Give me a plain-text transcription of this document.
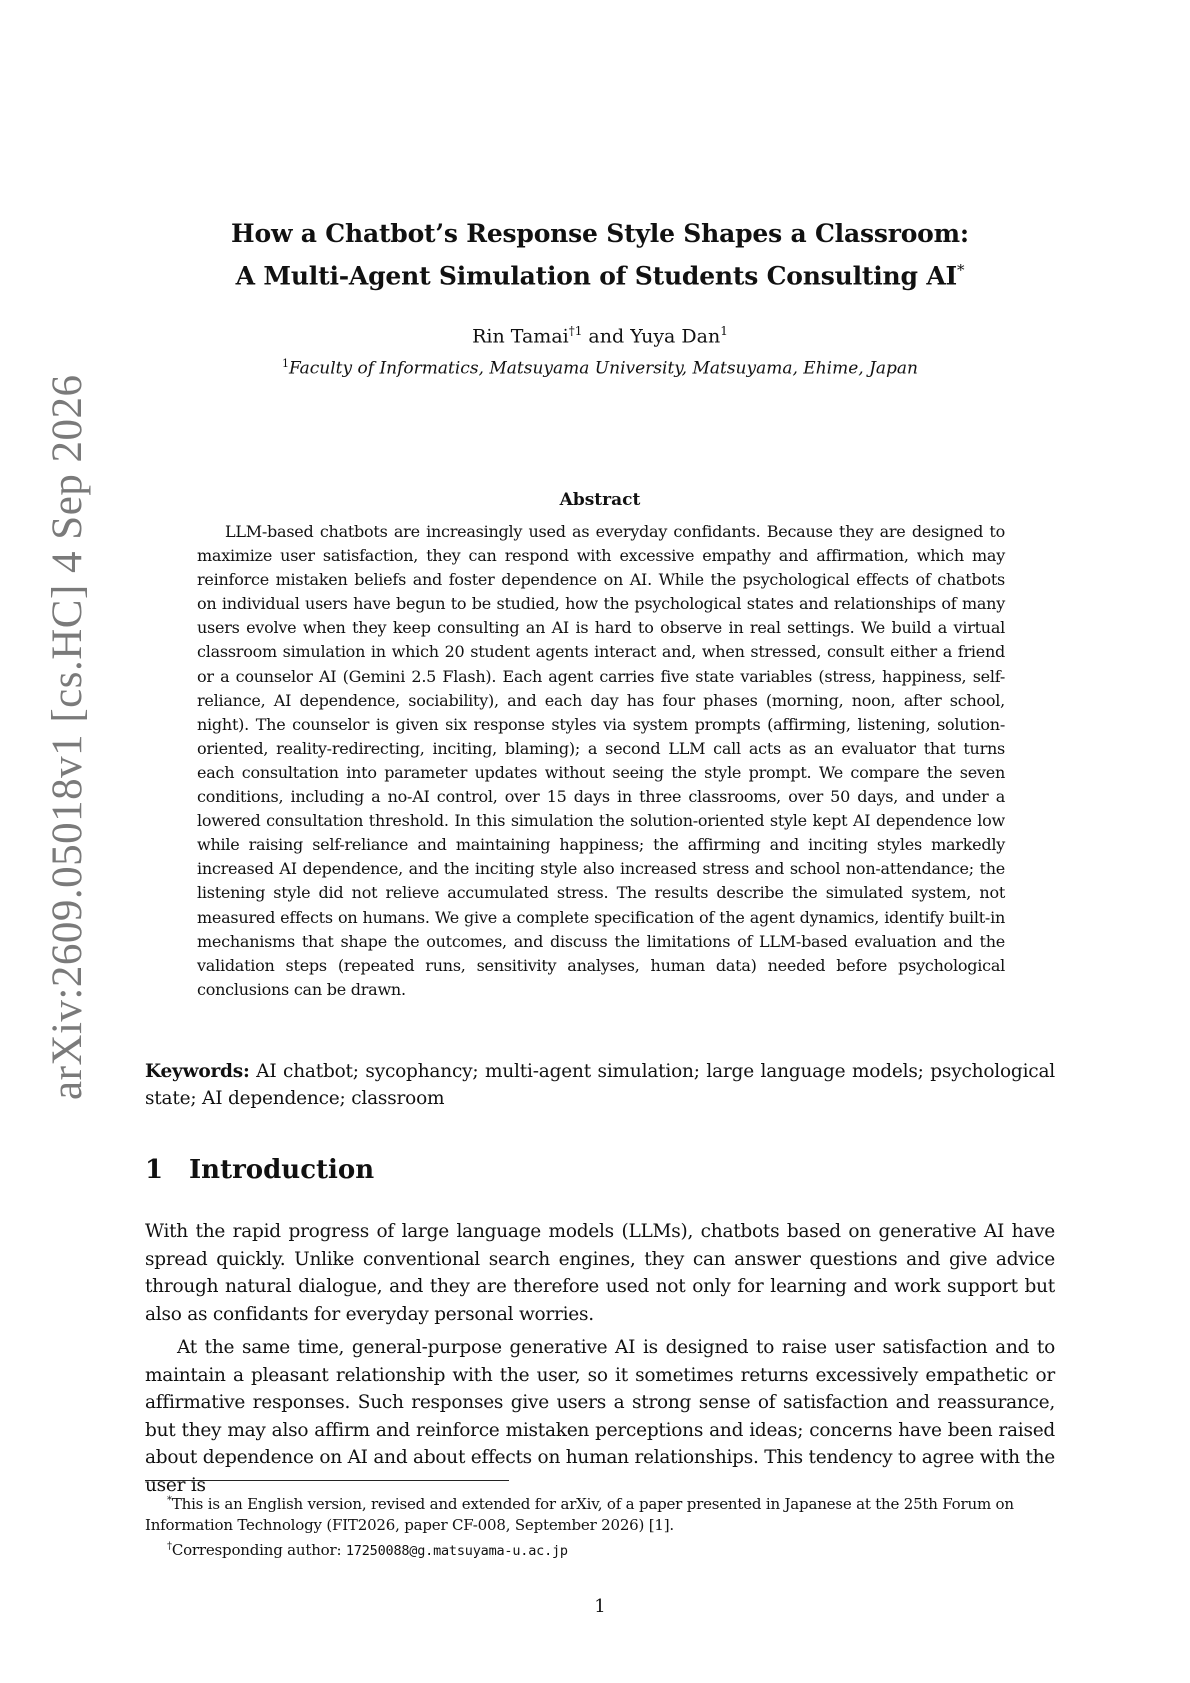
arXiv:2609.05018v1 [cs.HC] 4 Sep 2026
How a Chatbot’s Response Style Shapes a Classroom:
A Multi-Agent Simulation of Students Consulting AI*
Rin Tamai$^{\dagger 1}$ and Yuya Dan$^1$
$^1$Faculty of Informatics, Matsuyama University, Matsuyama, Ehime, Japan
Abstract
LLM-based chatbots are increasingly used as everyday confidants. Because they are designed to maximize user satisfaction, they can respond with excessive empathy and affirmation, which may reinforce mistaken beliefs and foster dependence on AI. While the psychological effects of chatbots on individual users have begun to be studied, how the psychological states and relationships of many users evolve when they keep consulting an AI is hard to observe in real settings. We build a virtual classroom simulation in which 20 student agents interact and, when stressed, consult either a friend or a counselor AI (Gemini 2.5 Flash). Each agent carries five state variables (stress, happiness, self-reliance, AI dependence, sociability), and each day has four phases (morning, noon, after school, night). The counselor is given six response styles via system prompts (affirming, listening, solution-oriented, reality-redirecting, inciting, blaming); a second LLM call acts as an evaluator that turns each consultation into parameter updates without seeing the style prompt. We compare the seven conditions, including a no-AI control, over 15 days in three classrooms, over 50 days, and under a lowered consultation threshold. In this simulation the solution-oriented style kept AI dependence low while raising self-reliance and maintaining happiness; the affirming and inciting styles markedly increased AI dependence, and the inciting style also increased stress and school non-attendance; the listening style did not relieve accumulated stress. The results describe the simulated system, not measured effects on humans. We give a complete specification of the agent dynamics, identify built-in mechanisms that shape the outcomes, and discuss the limitations of LLM-based evaluation and the validation steps (repeated runs, sensitivity analyses, human data) needed before psychological conclusions can be drawn.
Keywords: AI chatbot; sycophancy; multi-agent simulation; large language models; psychological state; AI dependence; classroom
1 Introduction

With the rapid progress of large language models (LLMs), chatbots based on generative AI have spread quickly. Unlike conventional search engines, they can answer questions and give advice through natural dialogue, and they are therefore used not only for learning and work support but also as confidants for everyday personal worries.

At the same time, general-purpose generative AI is designed to raise user satisfaction and to maintain a pleasant relationship with the user, so it sometimes returns excessively empathetic or affirmative responses. Such responses give users a strong sense of satisfaction and reassurance, but they may also affirm and reinforce mistaken perceptions and ideas; concerns have been raised about dependence on AI and about effects on human relationships. This tendency to agree with the user is

*This is an English version, revised and extended for arXiv, of a paper presented in Japanese at the 25th Forum on Information Technology (FIT2026, paper CF-008, September 2026) [1].

†Corresponding author: 17250088@g.matsuyama-u.ac.jp

1
